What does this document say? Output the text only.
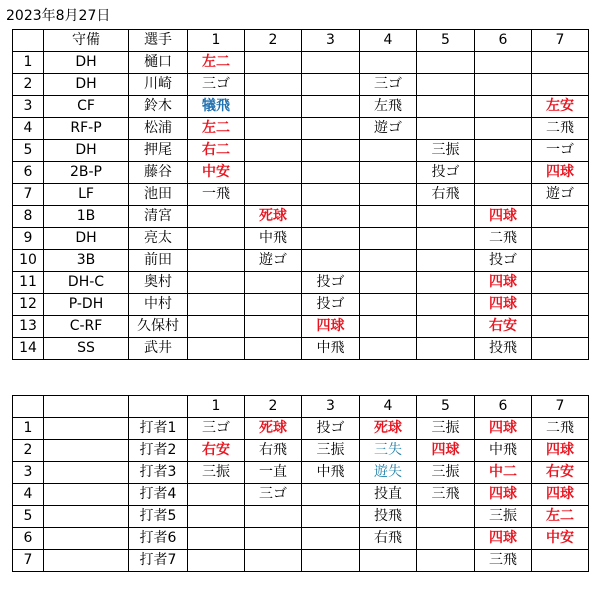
2023年8月27日
	守備	選手	1	2	3	4	5	6	7
1	DH	樋口	左二						
2	DH	川崎	三ゴ			三ゴ			
3	CF	鈴木	犠飛			左飛			左安
4	RF-P	松浦	左二			遊ゴ			二飛
5	DH	押尾	右二				三振		一ゴ
6	2B-P	藤谷	中安				投ゴ		四球
7	LF	池田	一飛				右飛		遊ゴ
8	1B	清宮		死球				四球	
9	DH	亮太		中飛				二飛	
10	3B	前田		遊ゴ				投ゴ	
11	DH-C	奥村			投ゴ			四球	
12	P-DH	中村			投ゴ			四球	
13	C-RF	久保村			四球			右安	
14	SS	武井			中飛			投飛	
			1	2	3	4	5	6	7
1		打者1	三ゴ	死球	投ゴ	死球	三振	四球	二飛
2		打者2	右安	右飛	三振	三失	四球	中飛	四球
3		打者3	三振	一直	中飛	遊失	三振	中二	右安
4		打者4		三ゴ		投直	三飛	四球	四球
5		打者5				投飛		三振	左二
6		打者6				右飛		四球	中安
7		打者7						三飛	
